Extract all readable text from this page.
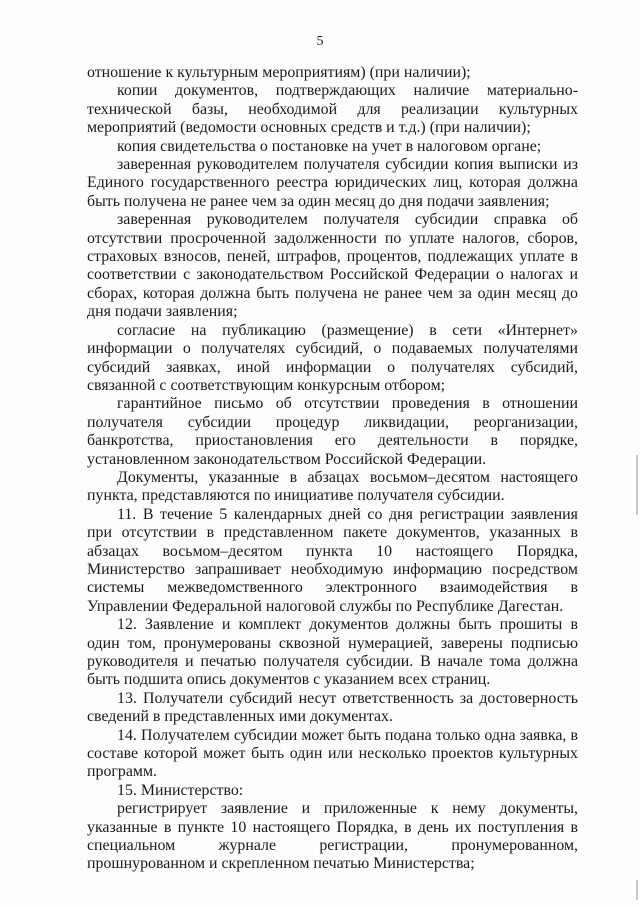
5

отношение к культурным мероприятиям) (при наличии);

копии документов, подтверждающих наличие материально-технической базы, необходимой для реализации культурных мероприятий (ведомости основных средств и т.д.) (при наличии);

копия свидетельства о постановке на учет в налоговом органе;

заверенная руководителем получателя субсидии копия выписки из Единого государственного реестра юридических лиц, которая должна быть получена не ранее чем за один месяц до дня подачи заявления;

заверенная руководителем получателя субсидии справка об отсутствии просроченной задолженности по уплате налогов, сборов, страховых взносов, пеней, штрафов, процентов, подлежащих уплате в соответствии с законодательством Российской Федерации о налогах и сборах, которая должна быть получена не ранее чем за один месяц до дня подачи заявления;

согласие на публикацию (размещение) в сети «Интернет» информации о получателях субсидий, о подаваемых получателями субсидий заявках, иной информации о получателях субсидий, связанной с соответствующим конкурсным отбором;

гарантийное письмо об отсутствии проведения в отношении получателя субсидии процедур ликвидации, реорганизации, банкротства, приостановления его деятельности в порядке, установленном законодательством Российской Федерации.

Документы, указанные в абзацах восьмом–десятом настоящего пункта, представляются по инициативе получателя субсидии.

11. В течение 5 календарных дней со дня регистрации заявления при отсутствии в представленном пакете документов, указанных в абзацах восьмом–десятом пункта 10 настоящего Порядка, Министерство запрашивает необходимую информацию посредством системы межведомственного электронного взаимодействия в Управлении Федеральной налоговой службы по Республике Дагестан.

12. Заявление и комплект документов должны быть прошиты в один том, пронумерованы сквозной нумерацией, заверены подписью руководителя и печатью получателя субсидии. В начале тома должна быть подшита опись документов с указанием всех страниц.

13. Получатели субсидий несут ответственность за достоверность сведений в представленных ими документах.

14. Получателем субсидии может быть подана только одна заявка, в составе которой может быть один или несколько проектов культурных программ.

15. Министерство:

регистрирует заявление и приложенные к нему документы, указанные в пункте 10 настоящего Порядка, в день их поступления в специальном журнале регистрации, пронумерованном, прошнурованном и скрепленном печатью Министерства;
